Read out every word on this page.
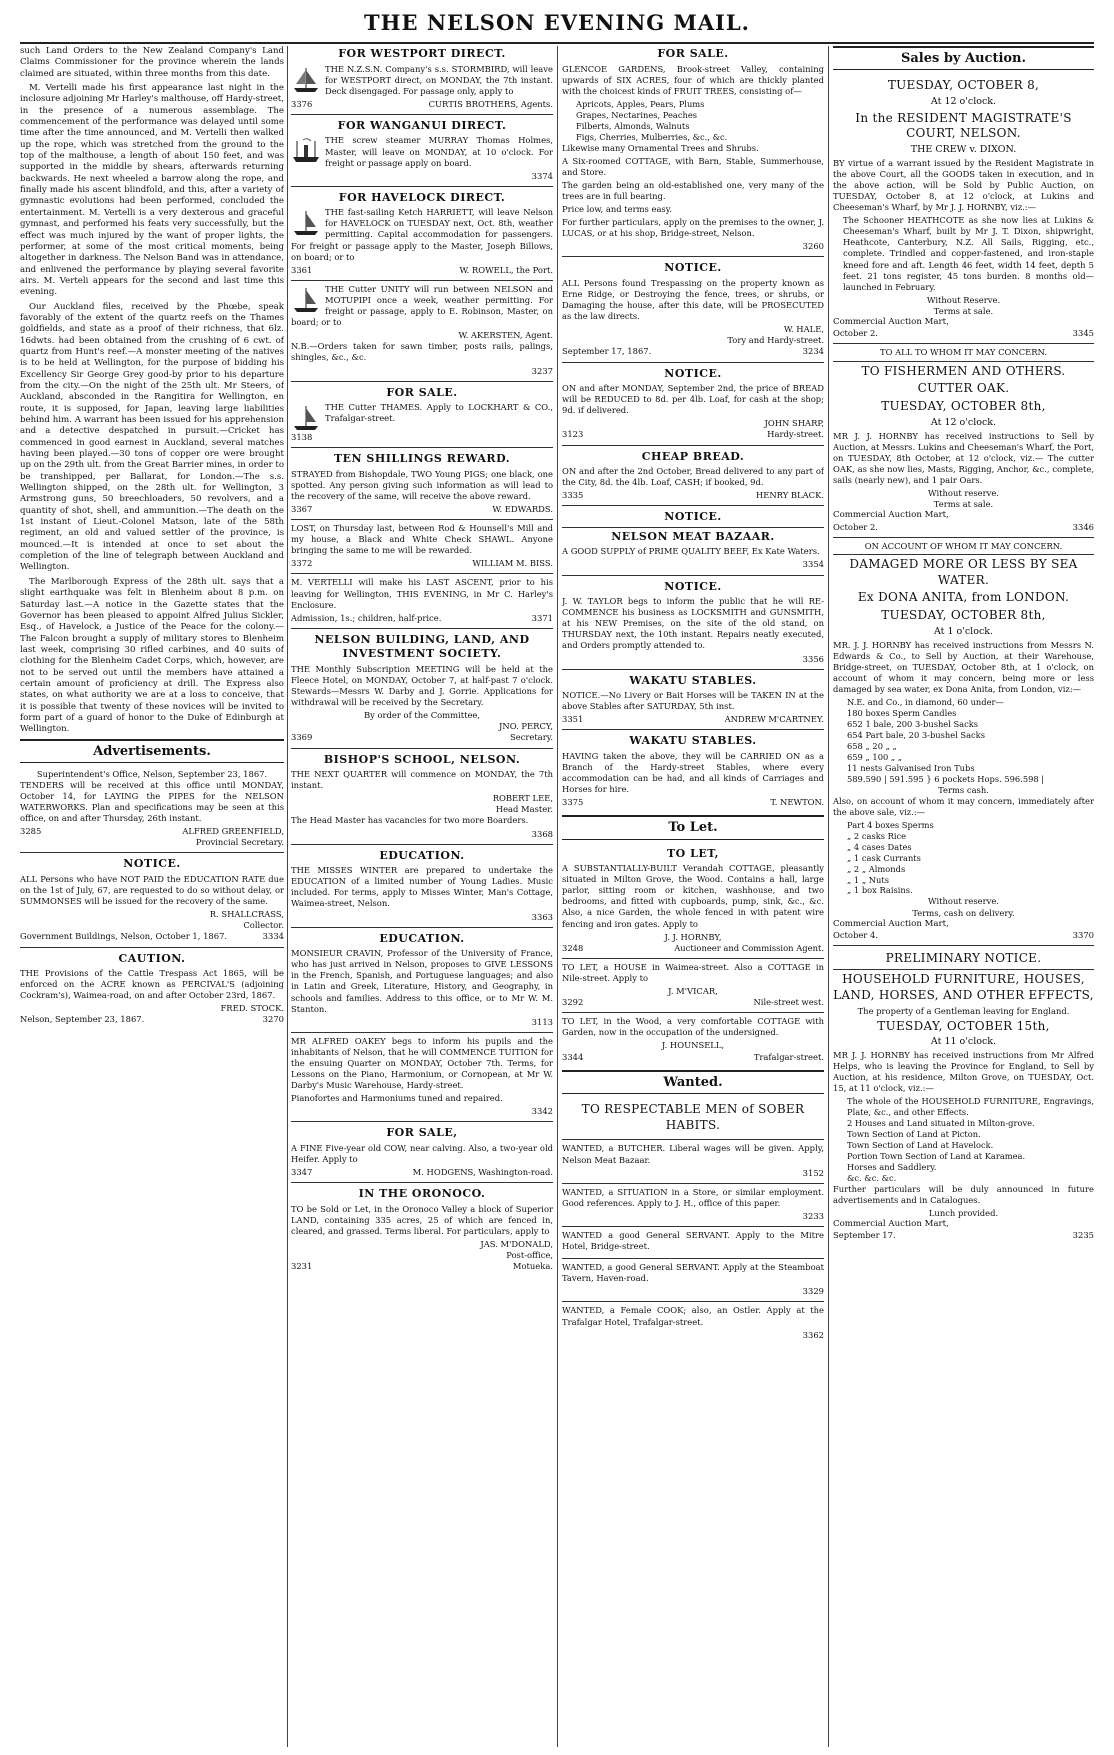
THE NELSON EVENING MAIL.

such Land Orders to the New Zealand Company's Land Claims Commissioner for the province wherein the lands claimed are situated, within three months from this date.

M. Vertelli made his first appearance last night in the inclosure adjoining Mr Harley's malthouse, off Hardy-street, in the presence of a numerous assemblage. The commencement of the performance was delayed until some time after the time announced, and M. Vertelli then walked up the rope, which was stretched from the ground to the top of the malthouse, a length of about 150 feet, and was supported in the middle by shears, afterwards returning backwards. He next wheeled a barrow along the rope, and finally made his ascent blindfold, and this, after a variety of gymnastic evolutions had been performed, concluded the entertainment. M. Vertelli is a very dexterous and graceful gymnast, and performed his feats very successfully, but the effect was much injured by the want of proper lights, the performer, at some of the most critical moments, being altogether in darkness. The Nelson Band was in attendance, and enlivened the performance by playing several favorite airs. M. Verteli appears for the second and last time this evening.

Our Auckland files, received by the Phœbe, speak favorably of the extent of the quartz reefs on the Thames goldfields, and state as a proof of their richness, that 6lz. 16dwts. had been obtained from the crushing of 6 cwt. of quartz from Hunt's reef.—A monster meeting of the natives is to be held at Wellington, for the purpose of bidding his Excellency Sir George Grey good-by prior to his departure from the city.—On the night of the 25th ult. Mr Steers, of Auckland, absconded in the Rangitira for Wellington, en route, it is supposed, for Japan, leaving large liabilities behind him. A warrant has been issued for his apprehension and a detective despatched in pursuit.—Cricket has commenced in good earnest in Auckland, several matches having been played.—30 tons of copper ore were brought up on the 29th ult. from the Great Barrier mines, in order to be transhipped, per Ballarat, for London.—The s.s. Wellington shipped, on the 28th ult. for Wellington, 3 Armstrong guns, 50 breechloaders, 50 revolvers, and a quantity of shot, shell, and ammunition.—The death on the 1st instant of Lieut.-Colonel Matson, late of the 58th regiment, an old and valued settler of the province, is mounced.—It is intended at once to set about the completion of the line of telegraph between Auckland and Wellington.

The Marlborough Express of the 28th ult. says that a slight earthquake was felt in Blenheim about 8 p.m. on Saturday last.—A notice in the Gazette states that the Governor has been pleased to appoint Alfred Julius Sickler, Esq., of Havelock, a Justice of the Peace for the colony.—The Falcon brought a supply of military stores to Blenheim last week, comprising 30 rifled carbines, and 40 suits of clothing for the Blenheim Cadet Corps, which, however, are not to be served out until the members have attained a certain amount of proficiency at drill. The Express also states, on what authority we are at a loss to conceive, that it is possible that twenty of these novices will be invited to form part of a guard of honor to the Duke of Edinburgh at Wellington.

Advertisements.
Superintendent's Office, Nelson, September 23, 1867.
TENDERS will be received at this office until MONDAY, October 14, for LAYING the PIPES for the NELSON WATERWORKS. Plan and specifications may be seen at this office, on and after Thursday, 26th instant.
3285	ALFRED GREENFIELD,
Provincial Secretary.
NOTICE.
ALL Persons who have NOT PAID the EDUCATION RATE due on the 1st of July, 67, are requested to do so without delay, or SUMMONSES will be issued for the recovery of the same.
R. SHALLCRASS,
Collector.
Government Buildings, Nelson, October 1, 1867.	3334
CAUTION.
THE Provisions of the Cattle Trespass Act 1865, will be enforced on the ACRE known as PERCIVAL'S (adjoining Cockram's), Waimea-road, on and after October 23rd, 1867.
FRED. STOCK.
Nelson, September 23, 1867.	3270
FOR WESTPORT DIRECT.
THE N.Z.S.N. Company's s.s. STORMBIRD, will leave for WESTPORT direct, on MONDAY, the 7th instant. Deck disengaged. For passage only, apply to
3376	CURTIS BROTHERS, Agents.
FOR WANGANUI DIRECT.
THE screw steamer MURRAY Thomas Holmes, Master, will leave on MONDAY, at 10 o'clock. For freight or passage apply on board.
3374
FOR HAVELOCK DIRECT.
THE fast-sailing Ketch HARRIETT, will leave Nelson for HAVELOCK on TUESDAY next, Oct. 8th, weather permitting. Capital accommodation for passengers. For freight or passage apply to the Master, Joseph Billows, on board; or to
3361	W. ROWELL, the Port.
THE Cutter UNITY will run between NELSON and MOTUPIPI once a week, weather permitting. For freight or passage, apply to E. Robinson, Master, on board; or to
W. AKERSTEN, Agent.
N.B.—Orders taken for sawn timber, posts rails, palings, shingles, &c., &c.
3237
FOR SALE.
THE Cutter THAMES. Apply to LOCKHART & CO., Trafalgar-street.
3138
TEN SHILLINGS REWARD.
STRAYED from Bishopdale, TWO Young PIGS; one black, one spotted. Any person giving such information as will lead to the recovery of the same, will receive the above reward.
3367	W. EDWARDS.
LOST, on Thursday last, between Rod & Hounsell's Mill and my house, a Black and White Check SHAWL. Anyone bringing the same to me will be rewarded.
3372	WILLIAM M. BISS.
M. VERTELLI will make his LAST ASCENT, prior to his leaving for Wellington, THIS EVENING, in Mr C. Harley's Enclosure.
Admission, 1s.; children, half-price.	3371
NELSON BUILDING, LAND, AND INVESTMENT SOCIETY.
THE Monthly Subscription MEETING will be held at the Fleece Hotel, on MONDAY, October 7, at half-past 7 o'clock. Stewards—Messrs W. Darby and J. Gorrie. Applications for withdrawal will be received by the Secretary.
By order of the Committee,
JNO. PERCY,
3369	Secretary.
BISHOP'S SCHOOL, NELSON.
THE NEXT QUARTER will commence on MONDAY, the 7th instant.
ROBERT LEE,
Head Master.
The Head Master has vacancies for two more Boarders.
3368
EDUCATION.
THE MISSES WINTER are prepared to undertake the EDUCATION of a limited number of Young Ladies. Music included. For terms, apply to Misses Winter, Man's Cottage, Waimea-street, Nelson.
3363
EDUCATION.
MONSIEUR CRAVIN, Professor of the University of France, who has just arrived in Nelson, proposes to GIVE LESSONS in the French, Spanish, and Portuguese languages; and also in Latin and Greek, Literature, History, and Geography, in schools and families. Address to this office, or to Mr W. M. Stanton.
3113
MR ALFRED OAKEY begs to inform his pupils and the inhabitants of Nelson, that he will COMMENCE TUITION for the ensuing Quarter on MONDAY, October 7th. Terms, for Lessons on the Piano, Harmonium, or Cornopean, at Mr W. Darby's Music Warehouse, Hardy-street.
Pianofortes and Harmoniums tuned and repaired.
3342
FOR SALE,
A FINE Five-year old COW, near calving. Also, a two-year old Heifer. Apply to
3347	M. HODGENS, Washington-road.
IN THE ORONOCO.
TO be Sold or Let, in the Oronoco Valley a block of Superior LAND, containing 335 acres, 25 of which are fenced in, cleared, and grassed. Terms liberal. For particulars, apply to
JAS. M'DONALD,
Post-office,
3231	Motueka.
FOR SALE.
GLENCOE GARDENS, Brook-street Valley, containing upwards of SIX ACRES, four of which are thickly planted with the choicest kinds of FRUIT TREES, consisting of—
Apricots, Apples, Pears, Plums
Grapes, Nectarines, Peaches
Filberts, Almonds, Walnuts
Figs, Cherries, Mulberries, &c., &c.
Likewise many Ornamental Trees and Shrubs.
A Six-roomed COTTAGE, with Barn, Stable, Summerhouse, and Store.
The garden being an old-established one, very many of the trees are in full bearing.
Price low, and terms easy.
For further particulars, apply on the premises to the owner, J. LUCAS, or at his shop, Bridge-street, Nelson.
3260
NOTICE.
ALL Persons found Trespassing on the property known as Erne Ridge, or Destroying the fence, trees, or shrubs, or Damaging the house, after this date, will be PROSECUTED as the law directs.
W. HALE,
Tory and Hardy-street.
September 17, 1867.	3234
NOTICE.
ON and after MONDAY, September 2nd, the price of BREAD will be REDUCED to 8d. per 4lb. Loaf, for cash at the shop; 9d. if delivered.
JOHN SHARP,
3123	Hardy-street.
CHEAP BREAD.
ON and after the 2nd October, Bread delivered to any part of the City, 8d. the 4lb. Loaf, CASH; if booked, 9d.
3335	HENRY BLACK.
NOTICE.
NELSON MEAT BAZAAR.
A GOOD SUPPLY of PRIME QUALITY BEEF, Ex Kate Waters.
3354
NOTICE.
J. W. TAYLOR begs to inform the public that he will RE-COMMENCE his business as LOCKSMITH and GUNSMITH, at his NEW Premises, on the site of the old stand, on THURSDAY next, the 10th instant. Repairs neatly executed, and Orders promptly attended to.
3356
WAKATU STABLES.
NOTICE.—No Livery or Bait Horses will be TAKEN IN at the above Stables after SATURDAY, 5th inst.
3351	ANDREW M'CARTNEY.
WAKATU STABLES.
HAVING taken the above, they will be CARRIED ON as a Branch of the Hardy-street Stables, where every accommodation can be had, and all kinds of Carriages and Horses for hire.
3375	T. NEWTON.
To Let.
TO LET,
A SUBSTANTIALLY-BUILT Verandah COTTAGE, pleasantly situated in Milton Grove, the Wood. Contains a hall, large parlor, sitting room or kitchen, washhouse, and two bedrooms, and fitted with cupboards, pump, sink, &c., &c. Also, a nice Garden, the whole fenced in with patent wire fencing and iron gates. Apply to
J. J. HORNBY,
3248	Auctioneer and Commission Agent.
TO LET, a HOUSE in Waimea-street. Also a COTTAGE in Nile-street. Apply to
J. M'VICAR,
3292	Nile-street west.
TO LET, in the Wood, a very comfortable COTTAGE with Garden, now in the occupation of the undersigned.
J. HOUNSELL,
3344	Trafalgar-street.
Wanted.
TO RESPECTABLE MEN of SOBER HABITS.
WANTED, a BUTCHER. Liberal wages will be given. Apply, Nelson Meat Bazaar.
3152
WANTED, a SITUATION in a Store, or similar employment. Good references. Apply to J. H., office of this paper.
3233
WANTED a good General SERVANT. Apply to the Mitre Hotel, Bridge-street.
WANTED, a good General SERVANT. Apply at the Steamboat Tavern, Haven-road.
3329
WANTED, a Female COOK; also, an Ostler. Apply at the Trafalgar Hotel, Trafalgar-street.
3362
Sales by Auction.
TUESDAY, OCTOBER 8,
At 12 o'clock.
In the RESIDENT MAGISTRATE'S COURT, NELSON.
THE CREW v. DIXON.
BY virtue of a warrant issued by the Resident Magistrate in the above Court, all the GOODS taken in execution, and in the above action, will be Sold by Public Auction, on TUESDAY, October 8, at 12 o'clock, at Lukins and Cheeseman's Wharf, by Mr J. J. HORNBY, viz.:—
The Schooner HEATHCOTE as she now lies at Lukins & Cheeseman's Wharf, built by Mr J. T. Dixon, shipwright, Heathcote, Canterbury, N.Z. All Sails, Rigging, etc., complete. Trindled and copper-fastened, and iron-staple kneed fore and aft. Length 46 feet, width 14 feet, depth 5 feet. 21 tons register, 45 tons burden. 8 months old—launched in February.
Without Reserve.
Terms at sale.
Commercial Auction Mart,
October 2.	3345
TO ALL TO WHOM IT MAY CONCERN.
TO FISHERMEN AND OTHERS.
CUTTER OAK.
TUESDAY, OCTOBER 8th,
At 12 o'clock.
MR J. J. HORNBY has received instructions to Sell by Auction, at Messrs. Lukins and Cheeseman's Wharf, the Port, on TUESDAY, 8th October, at 12 o'clock, viz.— The cutter OAK, as she now lies, Masts, Rigging, Anchor, &c., complete, sails (nearly new), and 1 pair Oars.
Without reserve.
Terms at sale.
Commercial Auction Mart,
October 2.	3346
ON ACCOUNT OF WHOM IT MAY CONCERN.
DAMAGED MORE OR LESS BY SEA WATER.
Ex DONA ANITA, from LONDON.
TUESDAY, OCTOBER 8th,
At 1 o'clock.
MR. J. J. HORNBY has received instructions from Messrs N. Edwards & Co., to Sell by Auction, at their Warehouse, Bridge-street, on TUESDAY, October 8th, at 1 o'clock, on account of whom it may concern, being more or less damaged by sea water, ex Dona Anita, from London, viz:—
N.E. and Co., in diamond, 60 under—
180 boxes Sperm Candles
652 1 bale, 200 3-bushel Sacks
654 Part bale, 20 3-bushel Sacks
658 „ 20 „ „
659 „ 100 „ „
11 nests Galvanised Iron Tubs
589.590 | 591.595 } 6 pockets Hops. 596.598 |
Terms cash.
Also, on account of whom it may concern, immediately after the above sale, viz.:—
Part 4 boxes Sperms
„ 2 casks Rice
„ 4 cases Dates
„ 1 cask Currants
„ 2 „ Almonds
„ 1 „ Nuts
„ 1 box Raisins.
Without reserve.
Terms, cash on delivery.
Commercial Auction Mart,
October 4.	3370
PRELIMINARY NOTICE.
HOUSEHOLD FURNITURE, HOUSES, LAND, HORSES, AND OTHER EFFECTS,
The property of a Gentleman leaving for England.
TUESDAY, OCTOBER 15th,
At 11 o'clock.
MR J. J. HORNBY has received instructions from Mr Alfred Helps, who is leaving the Province for England, to Sell by Auction, at his residence, Milton Grove, on TUESDAY, Oct. 15, at 11 o'clock, viz.:—
The whole of the HOUSEHOLD FURNITURE, Engravings, Plate, &c., and other Effects.
2 Houses and Land situated in Milton-grove.
Town Section of Land at Picton.
Town Section of Land at Havelock.
Portion Town Section of Land at Karamea.
Horses and Saddlery.
&c. &c. &c.
Further particulars will be duly announced in future advertisements and in Catalogues.
Lunch provided.
Commercial Auction Mart,
September 17.	3235
